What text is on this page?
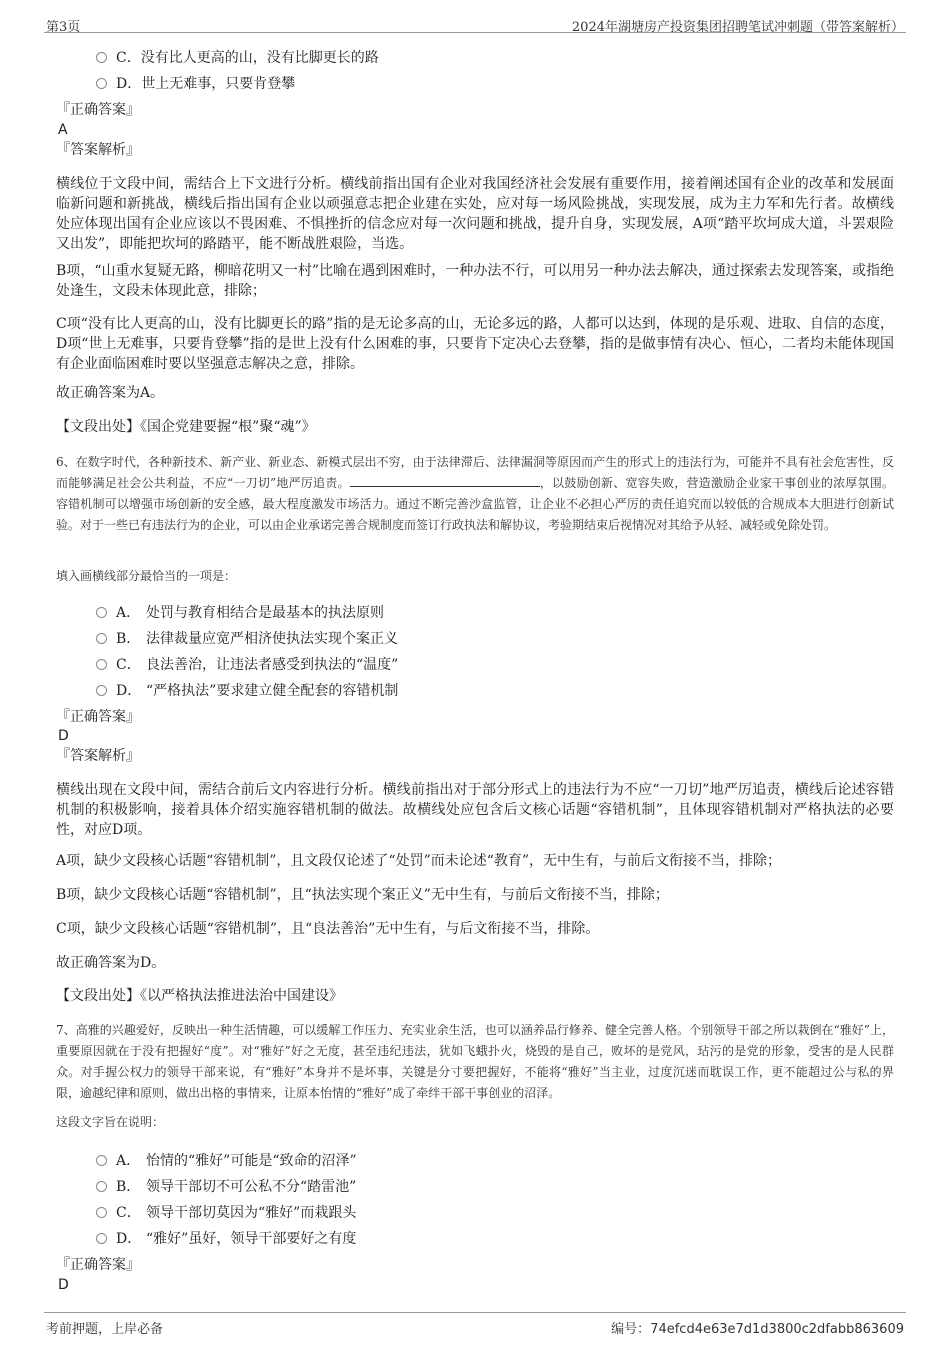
第3页	2024年湖塘房产投资集团招聘笔试冲刺题（带答案解析）
C． 没有比人更高的山，没有比脚更长的路
D． 世上无难事，只要肯登攀
『正确答案』
A
『答案解析』

横线位于文段中间，需结合上下文进行分析。横线前指出国有企业对我国经济社会发展有重要作用，接着阐述国有企业的改革和发展面临新问题和新挑战，横线后指出国有企业以顽强意志把企业建在实处，应对每一场风险挑战，实现发展，成为主力军和先行者。故横线处应体现出国有企业应该以不畏困难、不惧挫折的信念应对每一次问题和挑战，提升自身，实现发展，A项“踏平坎坷成大道，斗罢艰险又出发”，即能把坎坷的路踏平，能不断战胜艰险，当选。

B项，“山重水复疑无路，柳暗花明又一村”比喻在遇到困难时，一种办法不行，可以用另一种办法去解决，通过探索去发现答案，或指绝处逢生，文段未体现此意，排除；

C项“没有比人更高的山，没有比脚更长的路”指的是无论多高的山，无论多远的路，人都可以达到，体现的是乐观、进取、自信的态度，D项“世上无难事，只要肯登攀”指的是世上没有什么困难的事，只要肯下定决心去登攀，指的是做事情有决心、恒心，二者均未能体现国有企业面临困难时要以坚强意志解决之意，排除。

故正确答案为A。

【文段出处】《国企党建要握“根”聚“魂”》

6、在数字时代，各种新技术、新产业、新业态、新模式层出不穷，由于法律滞后、法律漏洞等原因而产生的形式上的违法行为，可能并不具有社会危害性，反而能够满足社会公共利益，不应“一刀切”地严厉追责。	，以鼓励创新、宽容失败，营造激励企业家干事创业的浓厚氛围。容错机制可以增强市场创新的安全感，最大程度激发市场活力。通过不断完善沙盒监管，让企业不必担心严厉的责任追究而以较低的合规成本大胆进行创新试验。对于一些已有违法行为的企业，可以由企业承诺完善合规制度而签订行政执法和解协议，考验期结束后视情况对其给予从轻、减轻或免除处罚。

填入画横线部分最恰当的一项是：
A． 处罚与教育相结合是最基本的执法原则
B． 法律裁量应宽严相济使执法实现个案正义
C． 良法善治，让违法者感受到执法的“温度”
D． “严格执法”要求建立健全配套的容错机制
『正确答案』
D
『答案解析』

横线出现在文段中间，需结合前后文内容进行分析。横线前指出对于部分形式上的违法行为不应“一刀切”地严厉追责，横线后论述容错机制的积极影响，接着具体介绍实施容错机制的做法。故横线处应包含后文核心话题“容错机制”，且体现容错机制对严格执法的必要性，对应D项。

A项，缺少文段核心话题“容错机制”，且文段仅论述了“处罚”而未论述“教育”，无中生有，与前后文衔接不当，排除；

B项，缺少文段核心话题“容错机制”，且“执法实现个案正义”无中生有，与前后文衔接不当，排除；

C项，缺少文段核心话题“容错机制”，且“良法善治”无中生有，与后文衔接不当，排除。

故正确答案为D。

【文段出处】《以严格执法推进法治中国建设》

7、高雅的兴趣爱好，反映出一种生活情趣，可以缓解工作压力、充实业余生活，也可以涵养品行修养、健全完善人格。个别领导干部之所以栽倒在“雅好”上，重要原因就在于没有把握好“度”。对“雅好”好之无度，甚至违纪违法，犹如飞蛾扑火，烧毁的是自己，败坏的是党风，玷污的是党的形象，受害的是人民群众。对手握公权力的领导干部来说，有“雅好”本身并不是坏事，关键是分寸要把握好，不能将“雅好”当主业，过度沉迷而耽误工作，更不能超过公与私的界限，逾越纪律和原则，做出出格的事情来，让原本怡情的“雅好”成了牵绊干部干事创业的沼泽。

这段文字旨在说明：
A． 怡情的“雅好”可能是“致命的沼泽”
B． 领导干部切不可公私不分“踏雷池”
C． 领导干部切莫因为“雅好”而栽跟头
D． “雅好”虽好，领导干部要好之有度
『正确答案』
D
考前押题，上岸必备	编号：74efcd4e63e7d1d3800c2dfabb863609
